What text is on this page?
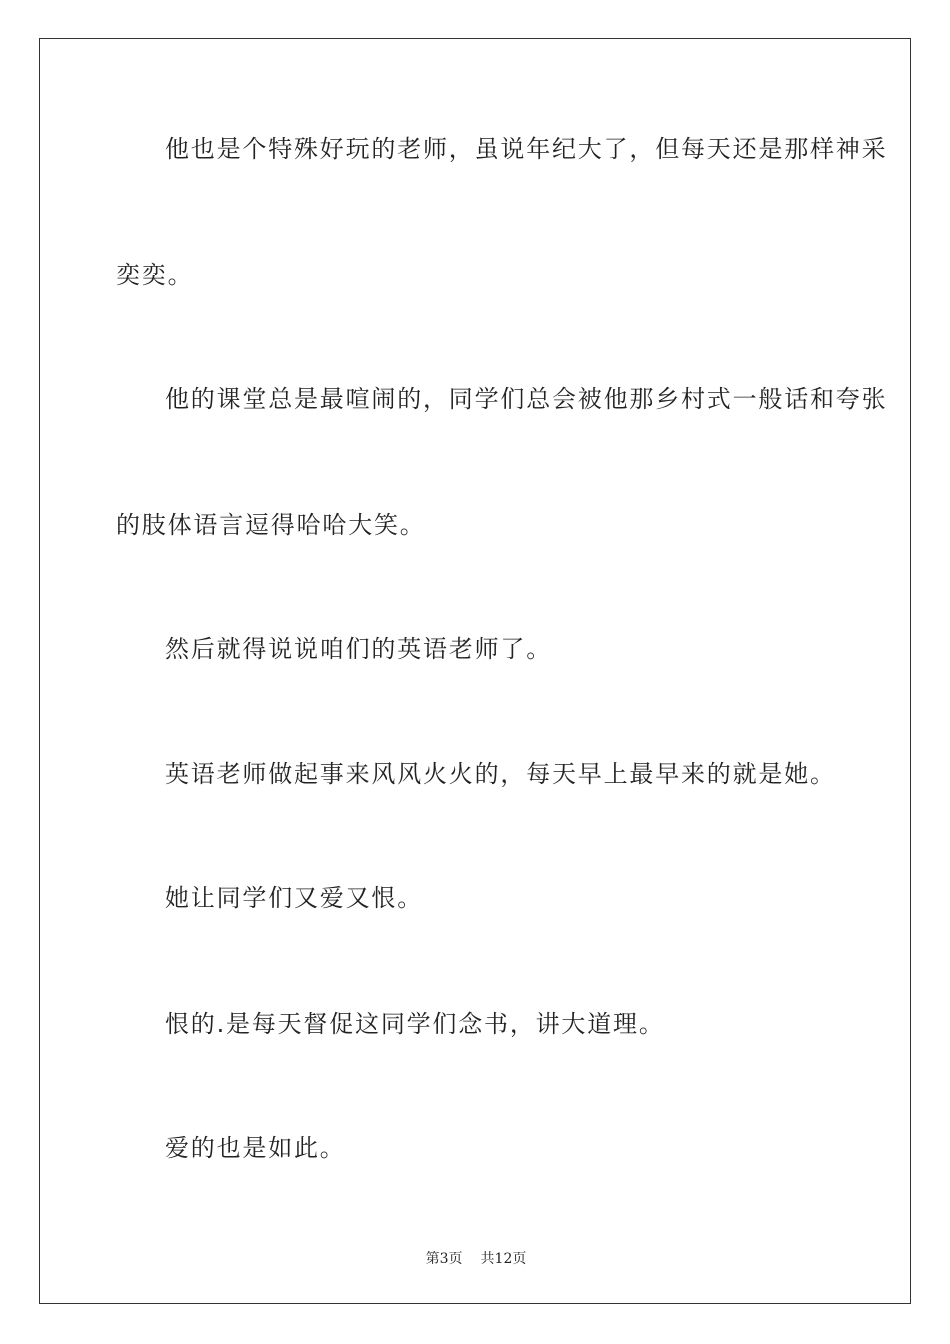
他也是个特殊好玩的老师，虽说年纪大了，但每天还是那样神采
奕奕。
他的课堂总是最喧闹的，同学们总会被他那乡村式一般话和夸张
的肢体语言逗得哈哈大笑。
然后就得说说咱们的英语老师了。
英语老师做起事来风风火火的，每天早上最早来的就是她。
她让同学们又爱又恨。
恨的.是每天督促这同学们念书，讲大道理。
爱的也是如此。
第3页 共12页
